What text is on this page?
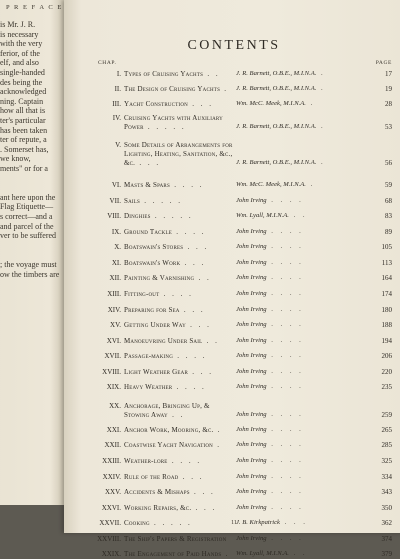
P R E F A C E
is Mr. J. R.
is necessary
with the very
ferior, of the
elf, and also
single-handed
des being the
acknowledged
ning. Captain
how all that is
ter's particular
has been taken
ter of repute, a
. Somerset has,
we know,
ments" or for a
ant here upon the
Flag Etiquette—
s correct—and a
and parcel of the
ver to be suffered
; the voyage must
ow the timbers are
CONTENTS
CHAP.	PAGE
I. Types of Cruising Yachts . .	J. R. Barnett, O.B.E., M.I.N.A. .	17
II. The Design of Cruising Yachts .	J. R. Barnett, O.B.E., M.I.N.A. .	19
III. Yacht Construction . . .	Wm. McC. Meek, M.I.N.A. .	28
IV. Cruising Yachts with Auxiliary Power . . . . .	J. R. Barnett, O.B.E., M.I.N.A. .	53
V. Some Details of Arrangements for Lighting, Heating, Sanitation, &c., &c. . . .	J. R. Barnett, O.B.E., M.I.N.A. .	56
VI. Masts & Spars . . . .	Wm. McC. Meek, M.I.N.A. .	59
VII. Sails . . . . .	John Irving . . . .	68
VIII. Dinghies . . . . .	Wm. Lyall, M.I.N.A. . .	83
IX. Ground Tackle . . . .	John Irving . . . .	89
X. Boatswain's Stores . . .	John Irving . . . .	105
XI. Boatswain's Work . . .	John Irving . . . .	113
XII. Painting & Varnishing . .	John Irving . . . .	164
XIII. Fitting-out . . . .	John Irving . . . .	174
XIV. Preparing for Sea . . .	John Irving . . . .	180
XV. Getting Under Way . . .	John Irving . . . .	188
XVI. Manoeuvring Under Sail . .	John Irving . . . .	194
XVII. Passage-making . . . .	John Irving . . . .	206
XVIII. Light Weather Gear . . .	John Irving . . . .	220
XIX. Heavy Weather . . . .	John Irving . . . .	235
XX. Anchorage, Bringing Up, & Stowing Away . .	John Irving . . . .	259
XXI. Anchor Work, Mooring, &c. .	John Irving . . . .	265
XXII. Coastwise Yacht Navigation .	John Irving . . . .	285
XXIII. Weather-lore . . . .	John Irving . . . .	325
XXIV. Rule of the Road . . .	John Irving . . . .	334
XXV. Accidents & Mishaps . . .	John Irving . . . .	343
XXVI. Working Repairs, &c. . . .	John Irving . . . .	350
XXVII. Cooking . . . . .	J. B. Kirkpatrick . . .	362
XXVIII. The Ship's Papers & Registration	John Irving . . . .	374
XXIX. The Engagement of Paid Hands . Wm. Lyall, M.I.N.A. . .	379
11
